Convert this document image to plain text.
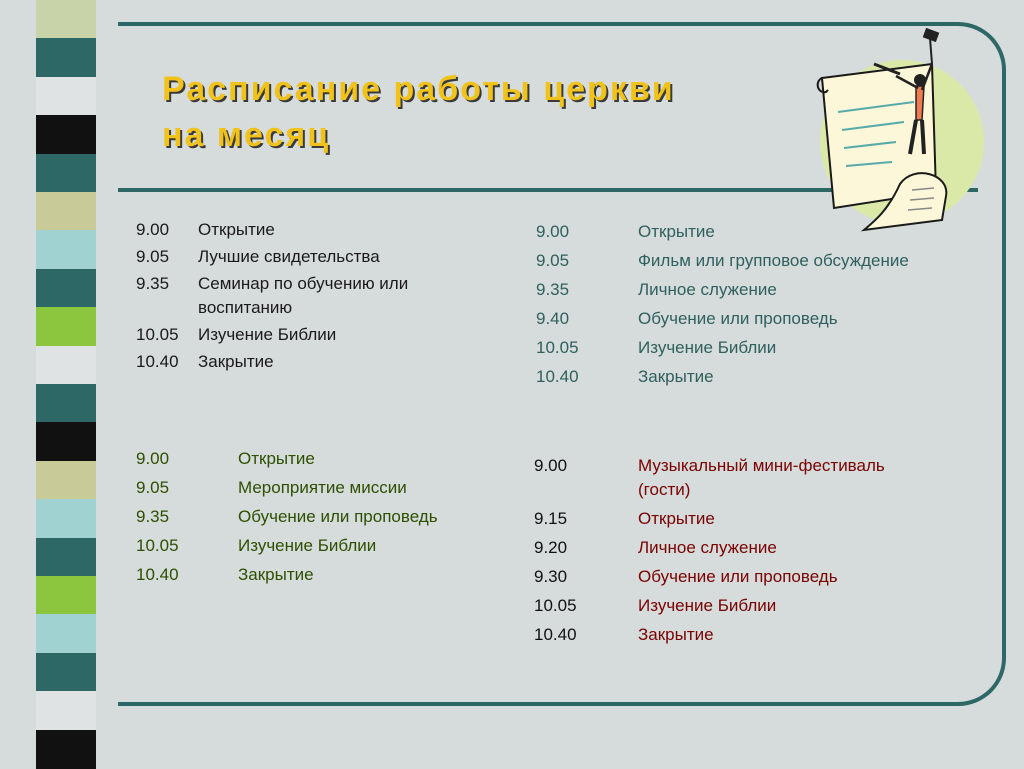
Расписание работы церкви
на месяц
9.00	Открытие
9.05	Лучшие свидетельства
9.35	Семинар по обучению или воспитанию
10.05	Изучение Библии
10.40	Закрытие
9.00	Открытие
9.05	Фильм или групповое обсуждение
9.35	Личное служение
9.40	Обучение или проповедь
10.05	Изучение Библии
10.40	Закрытие
9.00	Открытие
9.05	Мероприятие миссии
9.35	Обучение или проповедь
10.05	Изучение Библии
10.40	Закрытие
9.00	Музыкальный мини-фестиваль (гости)
9.15	Открытие
9.20	Личное служение
9.30	Обучение или проповедь
10.05	Изучение Библии
10.40	Закрытие
